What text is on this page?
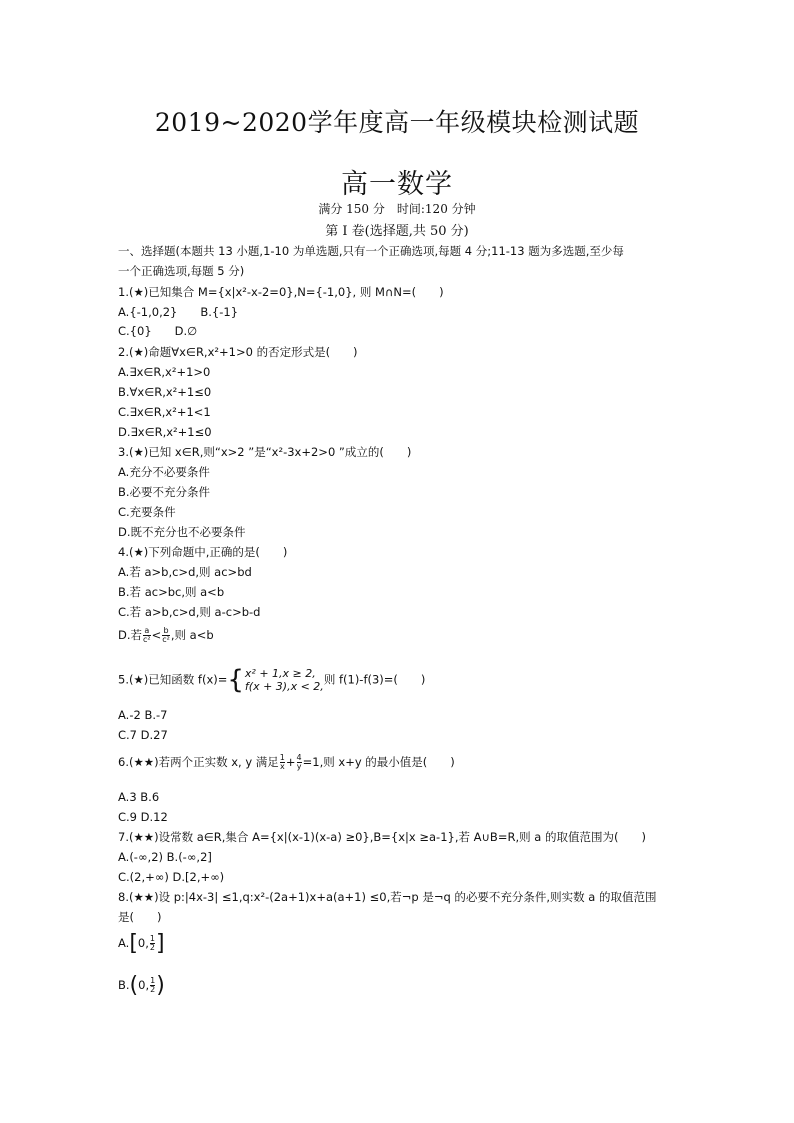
2019~2020学年度高一年级模块检测试题
高一数学
满分 150 分　时间:120 分钟
第 I 卷(选择题,共 50 分)
一、选择题(本题共 13 小题,1-10 为单选题,只有一个正确选项,每题 4 分;11-13 题为多选题,至少每
一个正确选项,每题 5 分)
1.(★)已知集合 M={x|x²-x-2=0},N={-1,0}, 则 M∩N=(　　)
A.{-1,0,2}　　B.{-1}
C.{0}　　D.∅
2.(★)命题∀x∈R,x²+1>0 的否定形式是(　　)
A.∃x∈R,x²+1>0
B.∀x∈R,x²+1≤0
C.∃x∈R,x²+1<1
D.∃x∈R,x²+1≤0
3.(★)已知 x∈R,则“x>2 ”是“x²-3x+2>0 ”成立的(　　)
A.充分不必要条件
B.必要不充分条件
C.充要条件
D.既不充分也不必要条件
4.(★)下列命题中,正确的是(　　)
A.若 a>b,c>d,则 ac>bd
B.若 ac>bc,则 a<b
C.若 a>b,c>d,则 a-c>b-d
D.若 $\frac{a}{\text{c²}} < \frac{b}{\text{c²}}$ ,则 a<b
5.(★)已知函数 f(x)={ x² + 1,x ≥ 2,
f(x + 3),x < 2, 则 f(1)-f(3)=(　　)
A.-2 B.-7
C.7 D.27
6.(★★)若两个正实数 x, y 满足 $\frac{1}{x} + \frac{4}{y} =1$,则 x+y 的最小值是(　　)
A.3 B.6
C.9 D.12
7.(★★)设常数 a∈R,集合 A={x|(x-1)(x-a) ≥0},B={x|x ≥a-1},若 A∪B=R,则 a 的取值范围为(　　)
A.(-∞,2) B.(-∞,2]
C.(2,+∞) D.[2,+∞)
8.(★★)设 p:|4x-3| ≤1,q:x²-(2a+1)x+a(a+1) ≤0,若¬p 是¬q 的必要不充分条件,则实数 a 的取值范围
是(　　)
A.[0, $\frac{1}{2}$ ]
B.(0, $\frac{1}{2}$ )
